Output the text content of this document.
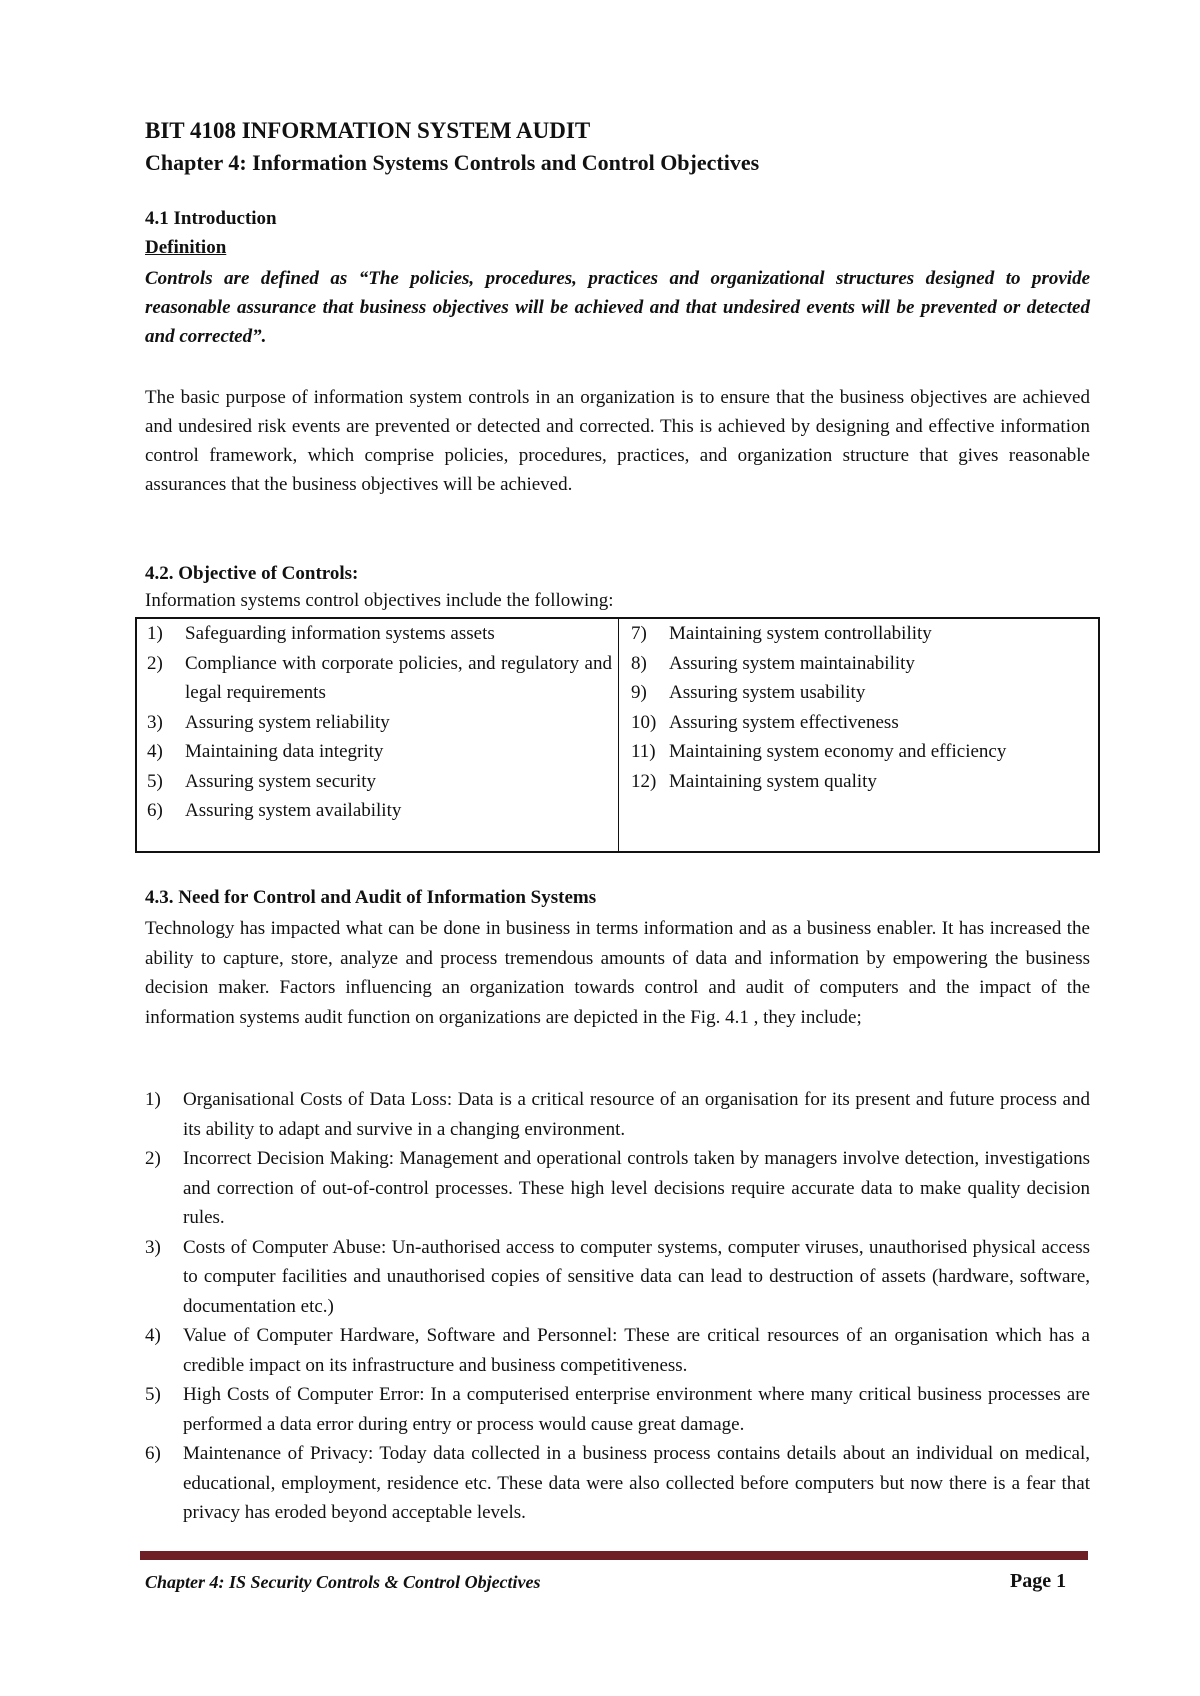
BIT 4108 INFORMATION SYSTEM AUDIT
Chapter 4: Information Systems Controls and Control Objectives
4.1 Introduction
Definition
Controls are defined as “The policies, procedures, practices and organizational structures designed to provide reasonable assurance that business objectives will be achieved and that undesired events will be prevented or detected and corrected”.
The basic purpose of information system controls in an organization is to ensure that the business objectives are achieved and undesired risk events are prevented or detected and corrected. This is achieved by designing and effective information control framework, which comprise policies, procedures, practices, and organization structure that gives reasonable assurances that the business objectives will be achieved.
4.2. Objective of Controls:
Information systems control objectives include the following:
1)	Safeguarding information systems assets
2)	Compliance with corporate policies, and regulatory and legal requirements
3)	Assuring system reliability
4)	Maintaining data integrity
5)	Assuring system security
6)	Assuring system availability
7)	Maintaining system controllability
8)	Assuring system maintainability
9)	Assuring system usability
10) Assuring system effectiveness
11) Maintaining system economy and efficiency
12) Maintaining system quality
4.3. Need for Control and Audit of Information Systems
Technology has impacted what can be done in business in terms information and as a business enabler. It has increased the ability to capture, store, analyze and process tremendous amounts of data and information by empowering the business decision maker. Factors influencing an organization towards control and audit of computers and the impact of the information systems audit function on organizations are depicted in the Fig. 4.1 , they include;
1)	Organisational Costs of Data Loss: Data is a critical resource of an organisation for its present and future process and its ability to adapt and survive in a changing environment.
2)	Incorrect Decision Making: Management and operational controls taken by managers involve detection, investigations and correction of out-of-control processes. These high level decisions require accurate data to make quality decision rules.
3)	Costs of Computer Abuse: Un-authorised access to computer systems, computer viruses, unauthorised physical access to computer facilities and unauthorised copies of sensitive data can lead to destruction of assets (hardware, software, documentation etc.)
4)	Value of Computer Hardware, Software and Personnel: These are critical resources of an organisation which has a credible impact on its infrastructure and business competitiveness.
5)	High Costs of Computer Error: In a computerised enterprise environment where many critical business processes are performed a data error during entry or process would cause great damage.
6)	Maintenance of Privacy: Today data collected in a business process contains details about an individual on medical, educational, employment, residence etc. These data were also collected before computers but now there is a fear that privacy has eroded beyond acceptable levels.
Chapter 4: IS Security Controls & Control Objectives	Page 1
